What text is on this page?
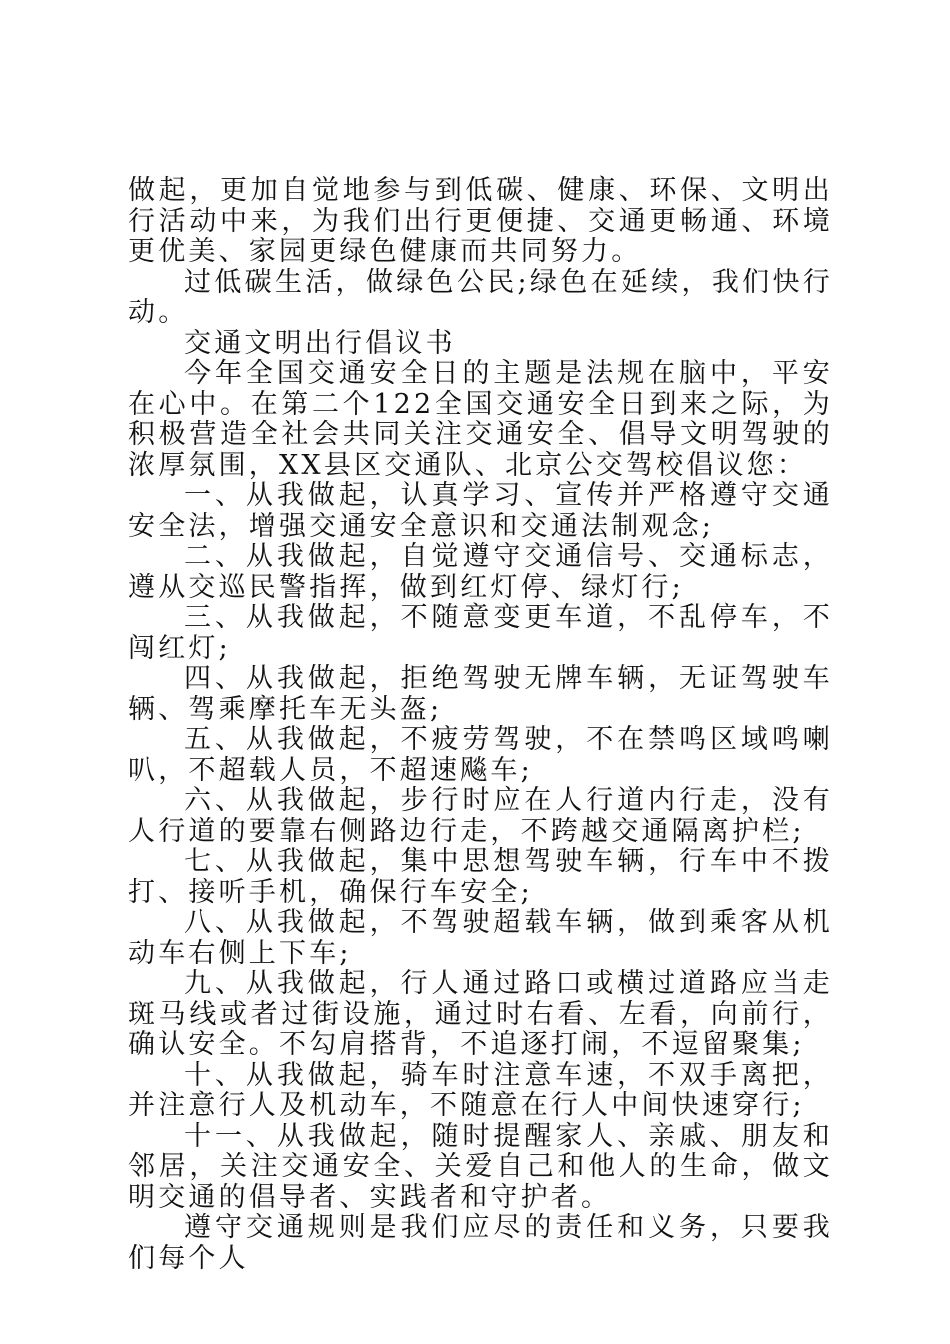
做起，更加自觉地参与到低碳、健康、环保、文明出行活动中来，为我们出行更便捷、交通更畅通、环境更优美、家园更绿色健康而共同努力。

过低碳生活，做绿色公民;绿色在延续，我们快行动。

交通文明出行倡议书

今年全国交通安全日的主题是法规在脑中，平安在心中。在第二个122全国交通安全日到来之际，为积极营造全社会共同关注交通安全、倡导文明驾驶的浓厚氛围，XX县区交通队、北京公交驾校倡议您：

一、从我做起，认真学习、宣传并严格遵守交通安全法，增强交通安全意识和交通法制观念;

二、从我做起，自觉遵守交通信号、交通标志，遵从交巡民警指挥，做到红灯停、绿灯行;

三、从我做起，不随意变更车道，不乱停车，不闯红灯;

四、从我做起，拒绝驾驶无牌车辆，无证驾驶车辆、驾乘摩托车无头盔;

五、从我做起，不疲劳驾驶，不在禁鸣区域鸣喇叭，不超载人员，不超速飚车;

六、从我做起，步行时应在人行道内行走，没有人行道的要靠右侧路边行走，不跨越交通隔离护栏;

七、从我做起，集中思想驾驶车辆，行车中不拨打、接听手机，确保行车安全;

八、从我做起，不驾驶超载车辆，做到乘客从机动车右侧上下车;

九、从我做起，行人通过路口或横过道路应当走斑马线或者过街设施，通过时右看、左看，向前行，确认安全。不勾肩搭背，不追逐打闹，不逗留聚集;

十、从我做起，骑车时注意车速，不双手离把，并注意行人及机动车，不随意在行人中间快速穿行;

十一、从我做起，随时提醒家人、亲戚、朋友和邻居，关注交通安全、关爱自己和他人的生命，做文明交通的倡导者、实践者和守护者。

遵守交通规则是我们应尽的责任和义务，只要我们每个人
